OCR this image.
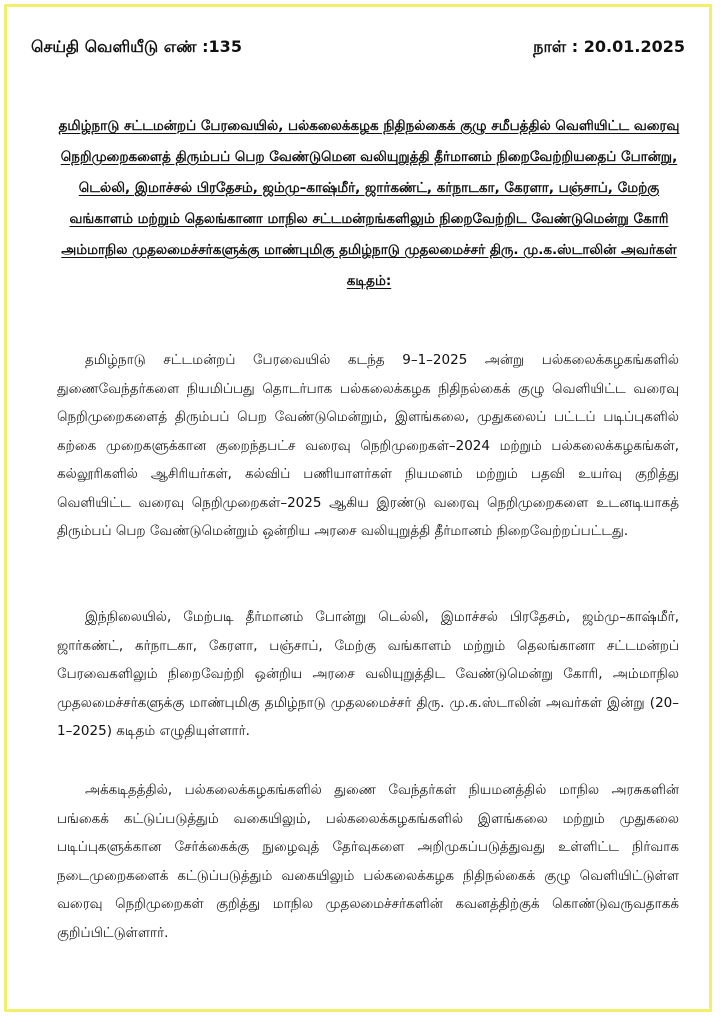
செய்தி வெளியீடு எண் :135	நாள் : 20.01.2025
தமிழ்நாடு சட்டமன்றப் பேரவையில், பல்கலைக்கழக நிதிநல்கைக் குழு சமீபத்தில் வெளியிட்ட வரைவு நெறிமுறைகளைத் திரும்பப் பெற வேண்டுமென வலியுறுத்தி தீர்மானம் நிறைவேற்றியதைப் போன்று, டெல்லி, இமாச்சல் பிரதேசம், ஜம்மு–காஷ்மீர், ஜார்கண்ட், கர்நாடகா, கேரளா, பஞ்சாப், மேற்கு வங்காளம் மற்றும் தெலங்கானா மாநில சட்டமன்றங்களிலும் நிறைவேற்றிட வேண்டுமென்று கோரி அம்மாநில முதலமைச்சர்களுக்கு மாண்புமிகு தமிழ்நாடு முதலமைச்சர் திரு. மு.க.ஸ்டாலின் அவர்கள் கடிதம்:

தமிழ்நாடு சட்டமன்றப் பேரவையில் கடந்த 9–1–2025 அன்று பல்கலைக்கழகங்களில் துணைவேந்தர்களை நியமிப்பது தொடர்பாக பல்கலைக்கழக நிதிநல்கைக் குழு வெளியிட்ட வரைவு நெறிமுறைகளைத் திரும்பப் பெற வேண்டுமென்றும், இளங்கலை, முதுகலைப் பட்டப் படிப்புகளில் கற்கை முறைகளுக்கான குறைந்தபட்ச வரைவு நெறிமுறைகள்–2024 மற்றும் பல்கலைக்கழகங்கள், கல்லூரிகளில் ஆசிரியர்கள், கல்விப் பணியாளர்கள் நியமனம் மற்றும் பதவி உயர்வு குறித்து வெளியிட்ட வரைவு நெறிமுறைகள்–2025 ஆகிய இரண்டு வரைவு நெறிமுறைகளை உடனடியாகத் திரும்பப் பெற வேண்டுமென்றும் ஒன்றிய அரசை வலியுறுத்தி தீர்மானம் நிறைவேற்றப்பட்டது.

இந்நிலையில், மேற்படி தீர்மானம் போன்று டெல்லி, இமாச்சல் பிரதேசம், ஜம்மு–காஷ்மீர், ஜார்கண்ட், கர்நாடகா, கேரளா, பஞ்சாப், மேற்கு வங்காளம் மற்றும் தெலங்கானா சட்டமன்றப் பேரவைகளிலும் நிறைவேற்றி ஒன்றிய அரசை வலியுறுத்திட வேண்டுமென்று கோரி, அம்மாநில முதலமைச்சர்களுக்கு மாண்புமிகு தமிழ்நாடு முதலமைச்சர் திரு. மு.க.ஸ்டாலின் அவர்கள் இன்று (20–1–2025) கடிதம் எழுதியுள்ளார்.

அக்கடிதத்தில், பல்கலைக்கழகங்களில் துணை வேந்தர்கள் நியமனத்தில் மாநில அரசுகளின் பங்கைக் கட்டுப்படுத்தும் வகையிலும், பல்கலைக்கழகங்களில் இளங்கலை மற்றும் முதுகலை படிப்புகளுக்கான சேர்க்கைக்கு நுழைவுத் தேர்வுகளை அறிமுகப்படுத்துவது உள்ளிட்ட நிர்வாக நடைமுறைகளைக் கட்டுப்படுத்தும் வகையிலும் பல்கலைக்கழக நிதிநல்கைக் குழு வெளியிட்டுள்ள வரைவு நெறிமுறைகள் குறித்து மாநில முதலமைச்சர்களின் கவனத்திற்குக் கொண்டுவருவதாகக் குறிப்பிட்டுள்ளார்.
